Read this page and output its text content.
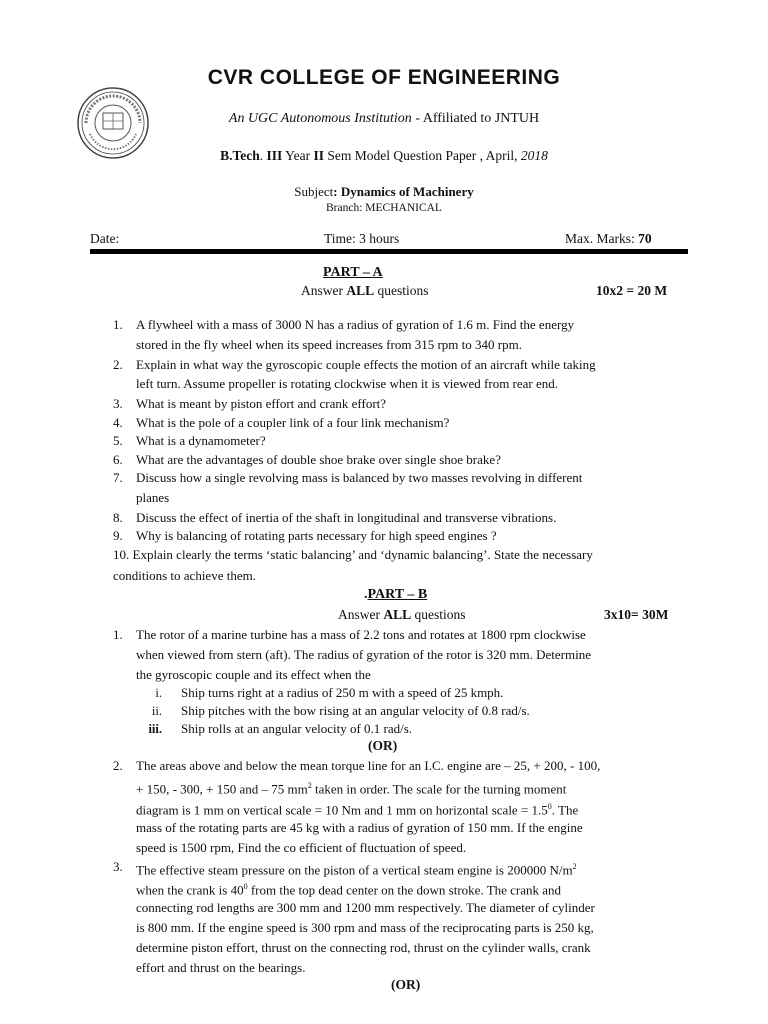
CVR COLLEGE OF ENGINEERING
An UGC Autonomous Institution - Affiliated to JNTUH
B.Tech. III Year II Sem Model Question Paper , April, 2018
Subject: Dynamics of Machinery
Branch: MECHANICAL
Date:	Time: 3 hours	Max. Marks: 70
PART – A
Answer ALL questions	10x2 = 20 M
1. A flywheel with a mass of 3000 N has a radius of gyration of 1.6 m. Find the energy
stored in the fly wheel when its speed increases from 315 rpm to 340 rpm.
2. Explain in what way the gyroscopic couple effects the motion of an aircraft while taking
left turn. Assume propeller is rotating clockwise when it is viewed from rear end.
3. What is meant by piston effort and crank effort?
4. What is the pole of a coupler link of a four link mechanism?
5. What is a dynamometer?
6. What are the advantages of double shoe brake over single shoe brake?
7. Discuss how a single revolving mass is balanced by two masses revolving in different
planes
8. Discuss the effect of inertia of the shaft in longitudinal and transverse vibrations.
9. Why is balancing of rotating parts necessary for high speed engines ?
10. Explain clearly the terms ‘static balancing’ and ‘dynamic balancing’. State the necessary
conditions to achieve them.
.PART – B
Answer ALL questions	3x10= 30M
1. The rotor of a marine turbine has a mass of 2.2 tons and rotates at 1800 rpm clockwise
when viewed from stern (aft). The radius of gyration of the rotor is 320 mm. Determine
the gyroscopic couple and its effect when the
i. Ship turns right at a radius of 250 m with a speed of 25 kmph.
ii. Ship pitches with the bow rising at an angular velocity of 0.8 rad/s.
iii. Ship rolls at an angular velocity of 0.1 rad/s.
(OR)
2. The areas above and below the mean torque line for an I.C. engine are – 25, + 200, - 100,
+ 150, - 300, + 150 and – 75 $mm^2$ taken in order. The scale for the turning moment
diagram is 1 mm on vertical scale = 10 Nm and 1 mm on horizontal scale = $1.5^0$. The
mass of the rotating parts are 45 kg with a radius of gyration of 150 mm. If the engine
speed is 1500 rpm, Find the co efficient of fluctuation of speed.
3. The effective steam pressure on the piston of a vertical steam engine is 200000 $N/m^2$
when the crank is $40^0$ from the top dead center on the down stroke. The crank and
connecting rod lengths are 300 mm and 1200 mm respectively. The diameter of cylinder
is 800 mm. If the engine speed is 300 rpm and mass of the reciprocating parts is 250 kg,
determine piston effort, thrust on the connecting rod, thrust on the cylinder walls, crank
effort and thrust on the bearings.
(OR)
